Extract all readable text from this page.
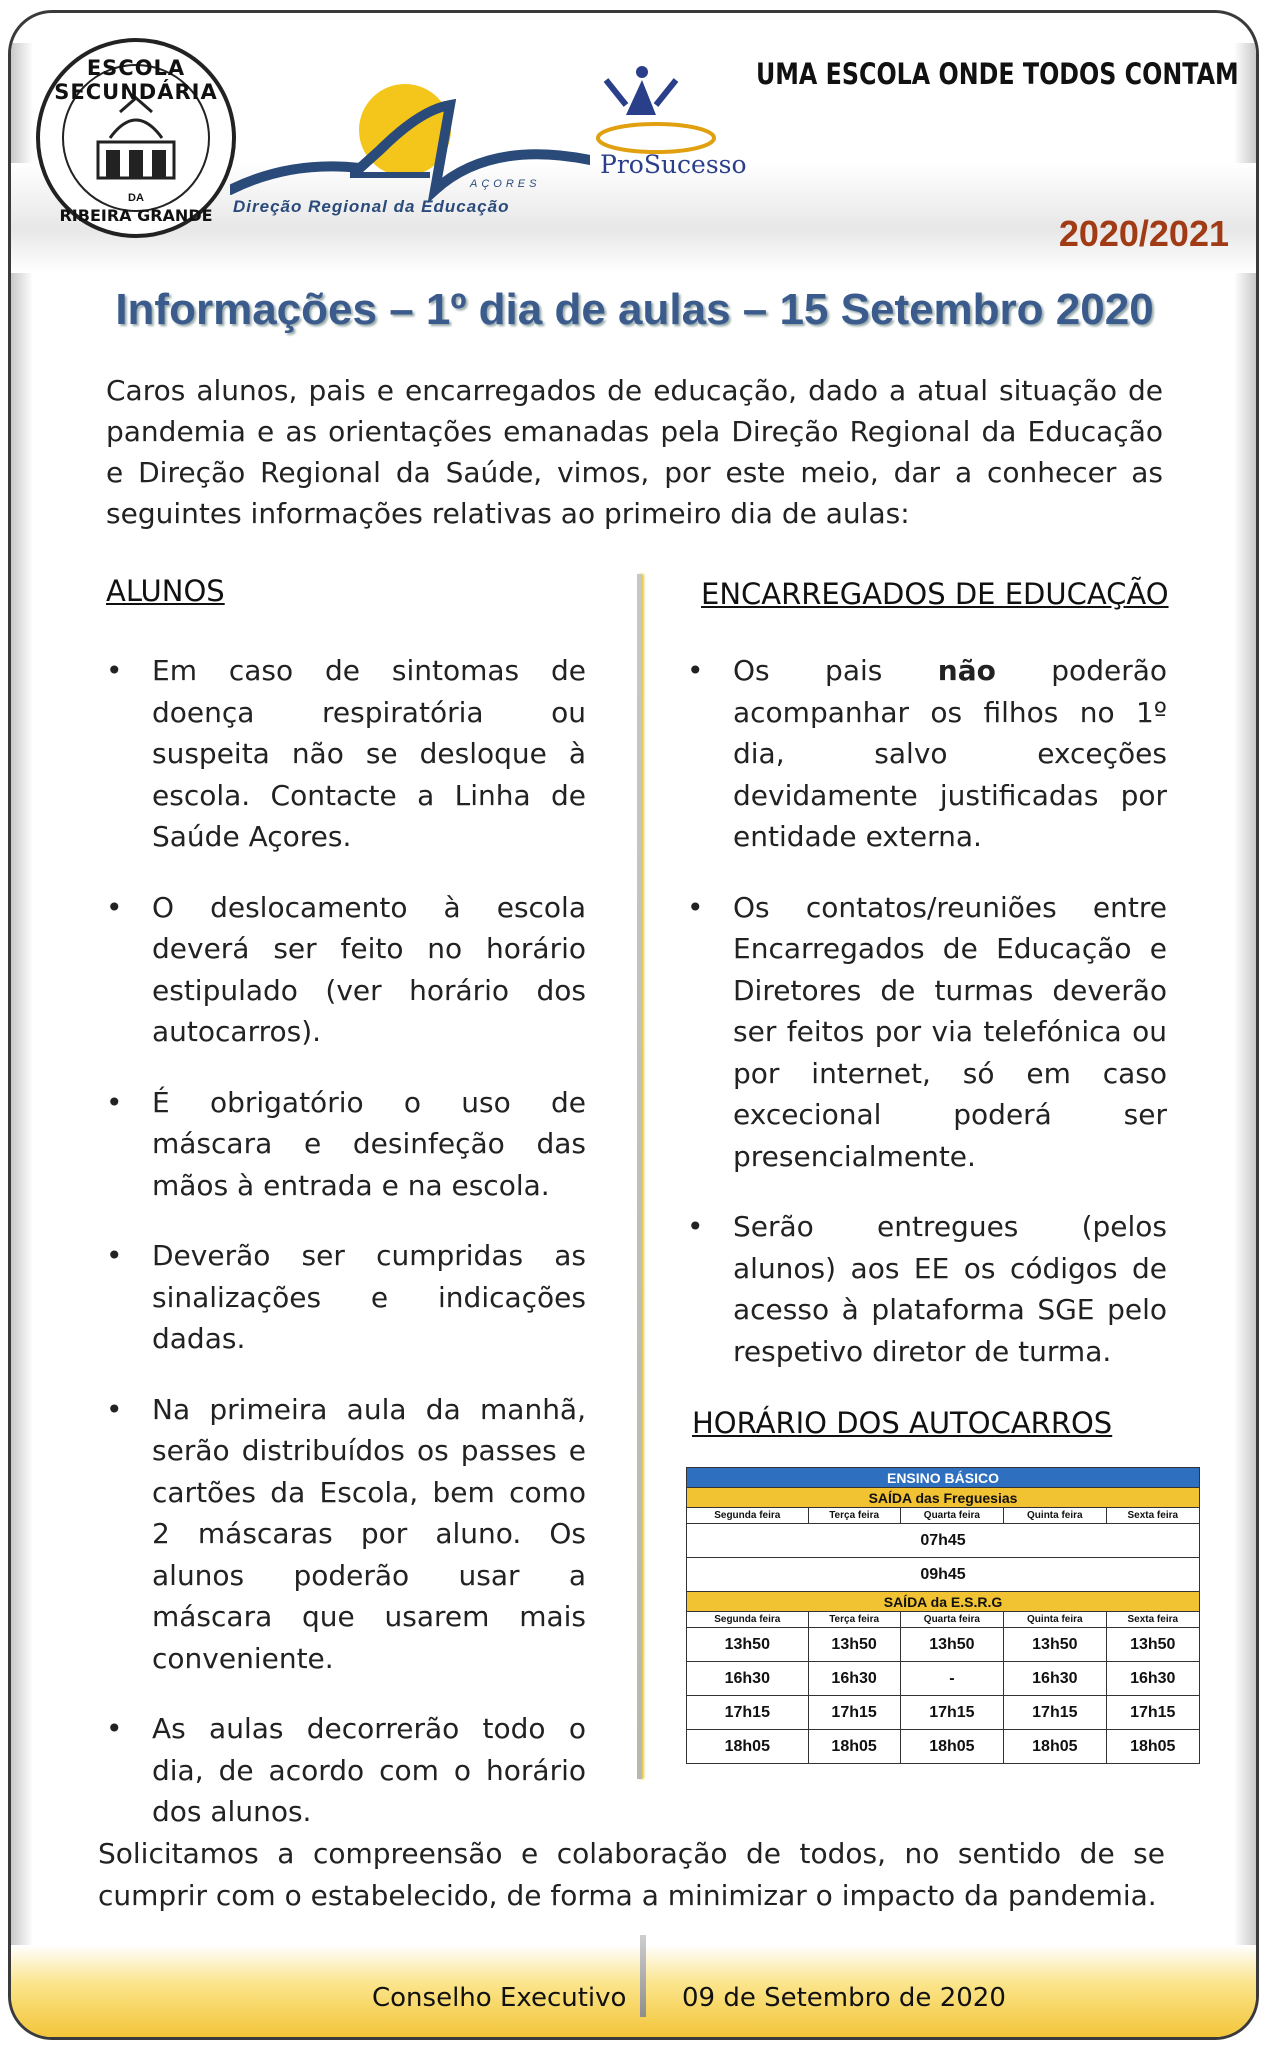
ESCOLA SECUNDÁRIA
DA
RIBEIRA GRANDE
AÇORES
Direção Regional da Educação
ProSucesso
UMA ESCOLA ONDE TODOS CONTAM
2020/2021
Informações – 1º dia de aulas – 15 Setembro 2020
Caros alunos, pais e encarregados de educação, dado a atual situação de pandemia e as orientações emanadas pela Direção Regional da Educação e Direção Regional da Saúde, vimos, por este meio, dar a conhecer as seguintes informações relativas ao primeiro dia de aulas:
ALUNOS
• Em caso de sintomas de doença respiratória ou suspeita não se desloque à escola. Contacte a Linha de Saúde Açores.
• O deslocamento à escola deverá ser feito no horário estipulado (ver horário dos autocarros).
• É obrigatório o uso de máscara e desinfeção das mãos à entrada e na escola.
• Deverão ser cumpridas as sinalizações e indicações dadas.
• Na primeira aula da manhã, serão distribuídos os passes e cartões da Escola, bem como 2 máscaras por aluno. Os alunos poderão usar a máscara que usarem mais conveniente.
• As aulas decorrerão todo o dia, de acordo com o horário dos alunos.
ENCARREGADOS DE EDUCAÇÃO
• Os pais não poderão acompanhar os filhos no 1º dia, salvo exceções devidamente justificadas por entidade externa.
• Os contatos/reuniões entre Encarregados de Educação e Diretores de turmas deverão ser feitos por via telefónica ou por internet, só em caso excecional poderá ser presencialmente.
• Serão entregues (pelos alunos) aos EE os códigos de acesso à plataforma SGE pelo respetivo diretor de turma.
HORÁRIO DOS AUTOCARROS
ENSINO BÁSICO				
SAÍDA das Freguesias				
Segunda feira	Terça feira	Quarta feira	Quinta feira	Sexta feira
07h45				
09h45				
SAÍDA da E.S.R.G				
Segunda feira	Terça feira	Quarta feira	Quinta feira	Sexta feira
13h50	13h50	13h50	13h50	13h50
16h30	16h30	-	16h30	16h30
17h15	17h15	17h15	17h15	17h15
18h05	18h05	18h05	18h05	18h05
Solicitamos a compreensão e colaboração de todos, no sentido de se cumprir com o estabelecido, de forma a minimizar o impacto da pandemia.
Conselho Executivo 09 de Setembro de 2020
